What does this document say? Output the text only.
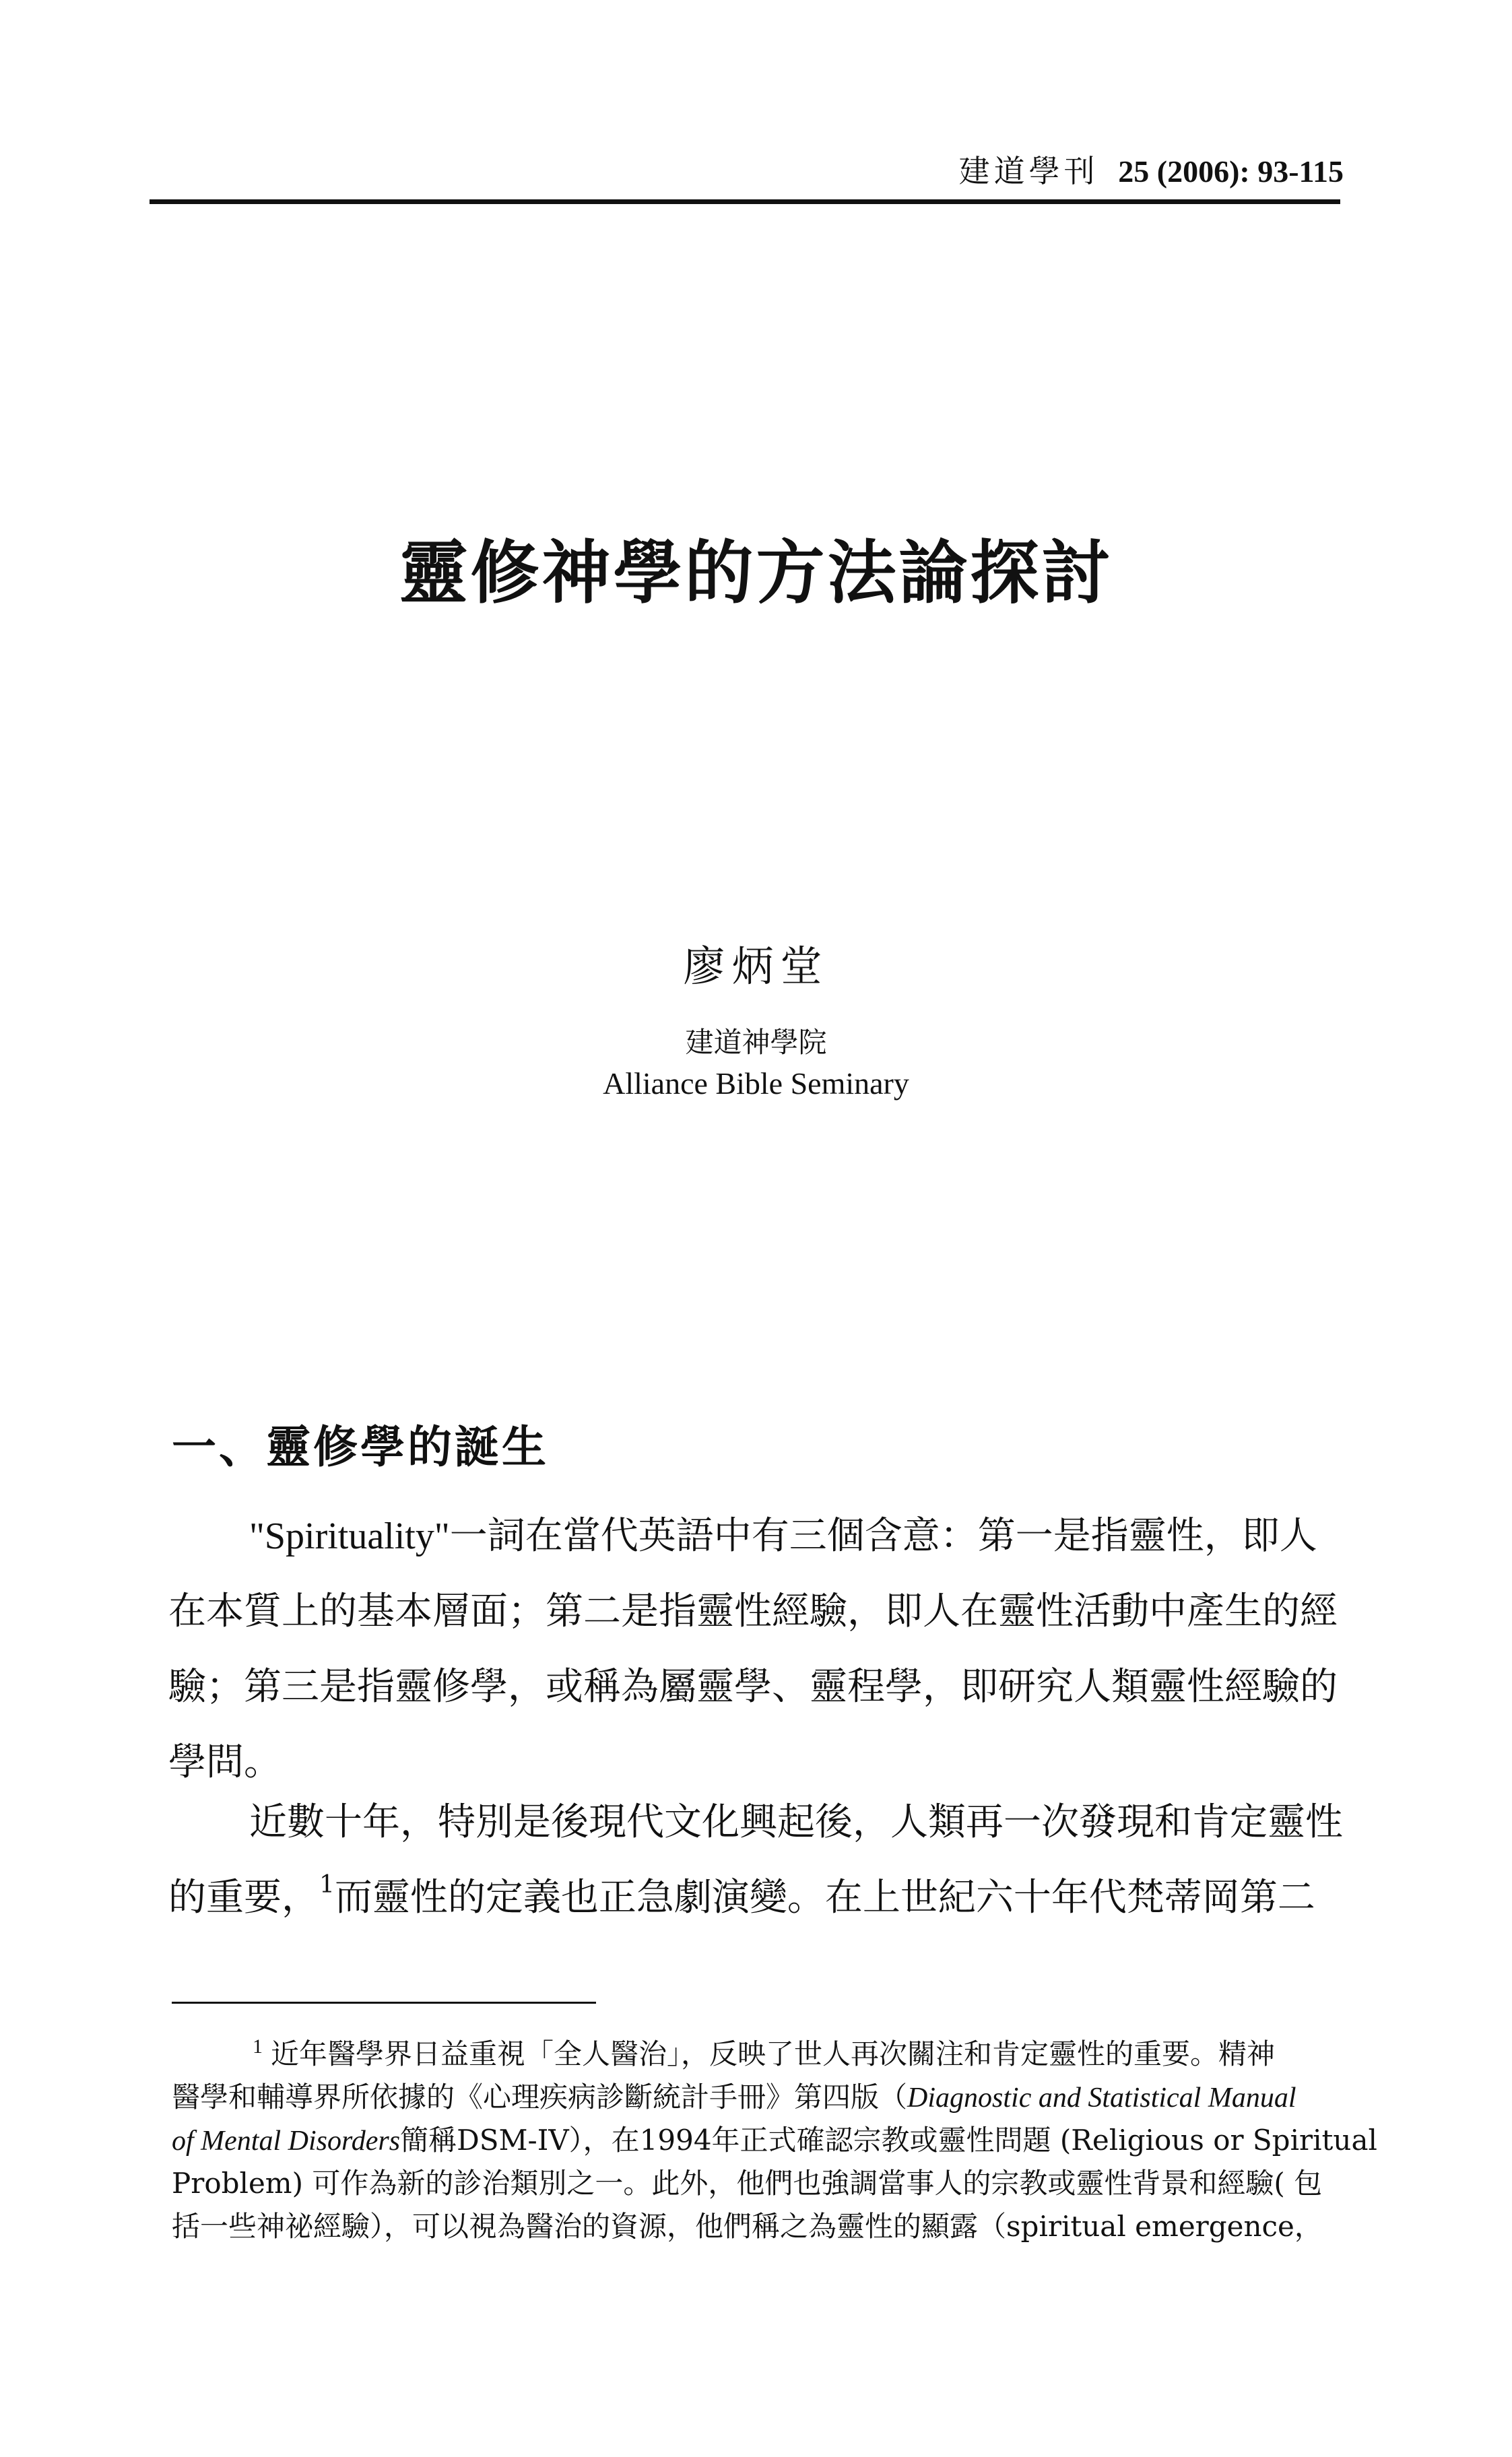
建道學刊 25 (2006): 93-115
靈修神學的方法論探討
廖炳堂
建道神學院
Alliance Bible Seminary
一、靈修學的誕生
"Spirituality"一詞在當代英語中有三個含意：第一是指靈性，即人
在本質上的基本層面；第二是指靈性經驗，即人在靈性活動中產生的經
驗；第三是指靈修學，或稱為屬靈學、靈程學，即研究人類靈性經驗的
學問。
近數十年，特別是後現代文化興起後，人類再一次發現和肯定靈性
的重要，$^1$而靈性的定義也正急劇演變。在上世紀六十年代梵蒂岡第二
$^1$ 近年醫學界日益重視「全人醫治」，反映了世人再次關注和肯定靈性的重要。精神
醫學和輔導界所依據的《心理疾病診斷統計手冊》第四版（Diagnostic and Statistical Manual
of Mental Disorders簡稱DSM-IV），在1994年正式確認宗教或靈性問題 (Religious or Spiritual
Problem) 可作為新的診治類別之一。此外，他們也強調當事人的宗教或靈性背景和經驗( 包
括一些神祕經驗），可以視為醫治的資源，他們稱之為靈性的顯露（spiritual emergence，
